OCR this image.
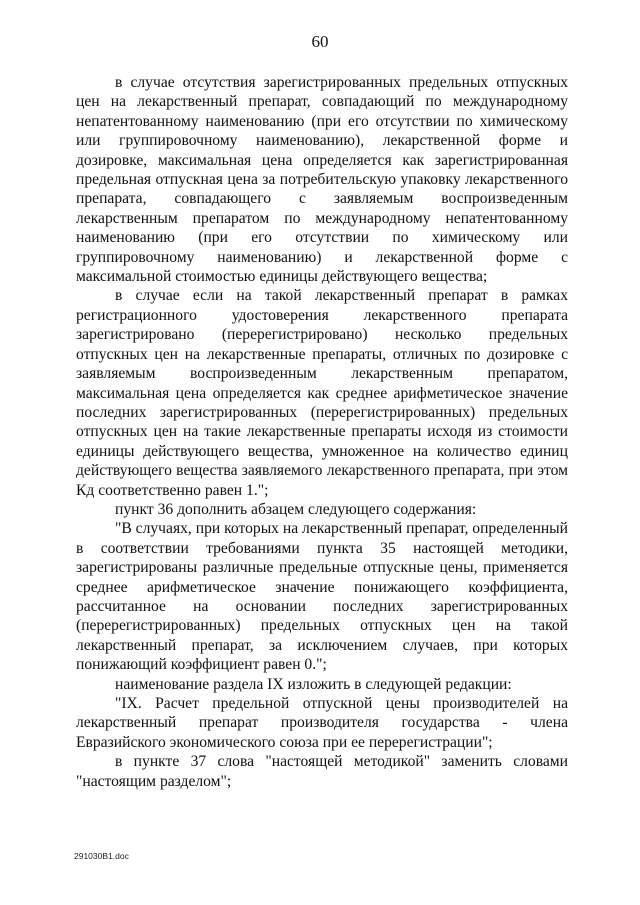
60

в случае отсутствия зарегистрированных предельных отпускных цен на лекарственный препарат, совпадающий по международному непатентованному наименованию (при его отсутствии по химическому или группировочному наименованию), лекарственной форме и дозировке, максимальная цена определяется как зарегистрированная предельная отпускная цена за потребительскую упаковку лекарственного препарата, совпадающего с заявляемым воспроизведенным лекарственным препаратом по международному непатентованному наименованию (при его отсутствии по химическому или группировочному наименованию) и лекарственной форме с максимальной стоимостью единицы действующего вещества;

в случае если на такой лекарственный препарат в рамках регистрационного удостоверения лекарственного препарата зарегистрировано (перерегистрировано) несколько предельных отпускных цен на лекарственные препараты, отличных по дозировке с заявляемым воспроизведенным лекарственным препаратом, максимальная цена определяется как среднее арифметическое значение последних зарегистрированных (перерегистрированных) предельных отпускных цен на такие лекарственные препараты исходя из стоимости единицы действующего вещества, умноженное на количество единиц действующего вещества заявляемого лекарственного препарата, при этом Кд соответственно равен 1.";

пункт 36 дополнить абзацем следующего содержания:

"В случаях, при которых на лекарственный препарат, определенный в соответствии требованиями пункта 35 настоящей методики, зарегистрированы различные предельные отпускные цены, применяется среднее арифметическое значение понижающего коэффициента, рассчитанное на основании последних зарегистрированных (перерегистрированных) предельных отпускных цен на такой лекарственный препарат, за исключением случаев, при которых понижающий коэффициент равен 0.";

наименование раздела IX изложить в следующей редакции:

"IX. Расчет предельной отпускной цены производителей на лекарственный препарат производителя государства - члена Евразийского экономического союза при ее перерегистрации";

в пункте 37 слова "настоящей методикой" заменить словами "настоящим разделом";

291030B1.doc
